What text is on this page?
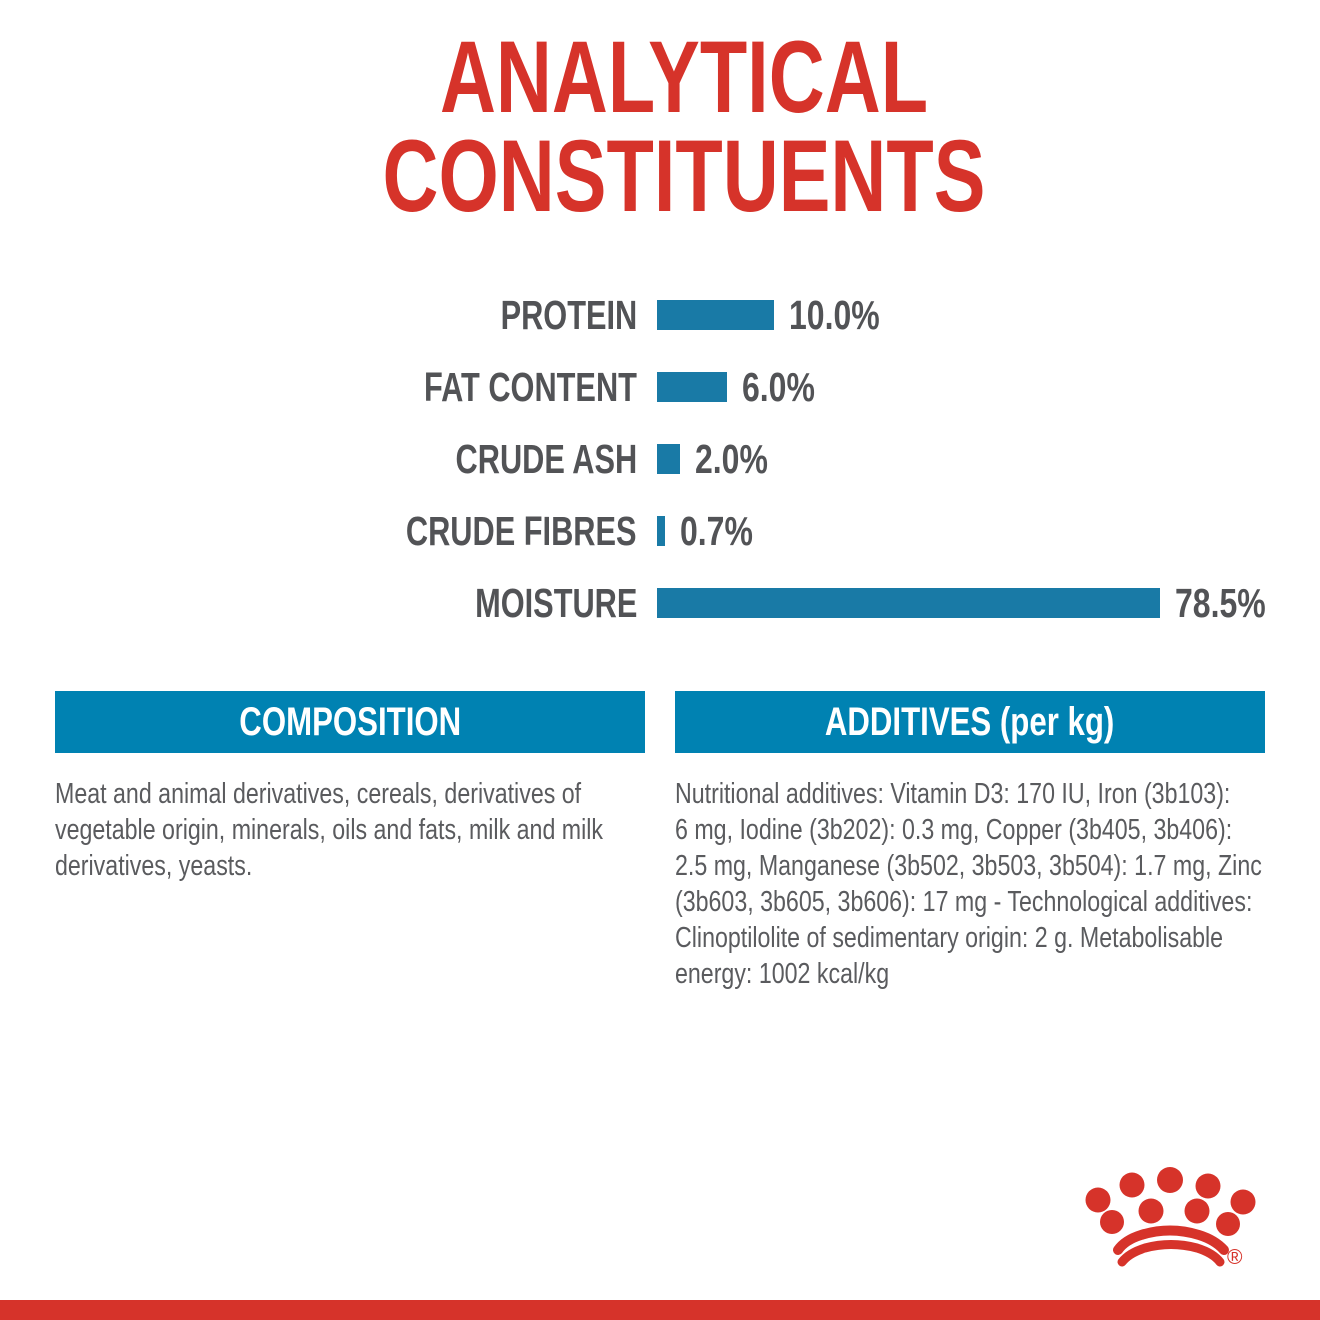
ANALYTICAL
CONSTITUENTS
PROTEIN	10.0%
FAT CONTENT	6.0%
CRUDE ASH 2.0%
CRUDE FIBRES 0.7%
MOISTURE	78.5%
COMPOSITION
Meat and animal derivatives, cereals, derivatives of
vegetable origin, minerals, oils and fats, milk and milk
derivatives, yeasts.
ADDITIVES (per kg)
Nutritional additives: Vitamin D3: 170 IU, Iron (3b103):
6 mg, Iodine (3b202): 0.3 mg, Copper (3b405, 3b406):
2.5 mg, Manganese (3b502, 3b503, 3b504): 1.7 mg, Zinc
(3b603, 3b605, 3b606): 17 mg - Technological additives:
Clinoptilolite of sedimentary origin: 2 g. Metabolisable
energy: 1002 kcal/kg
®
